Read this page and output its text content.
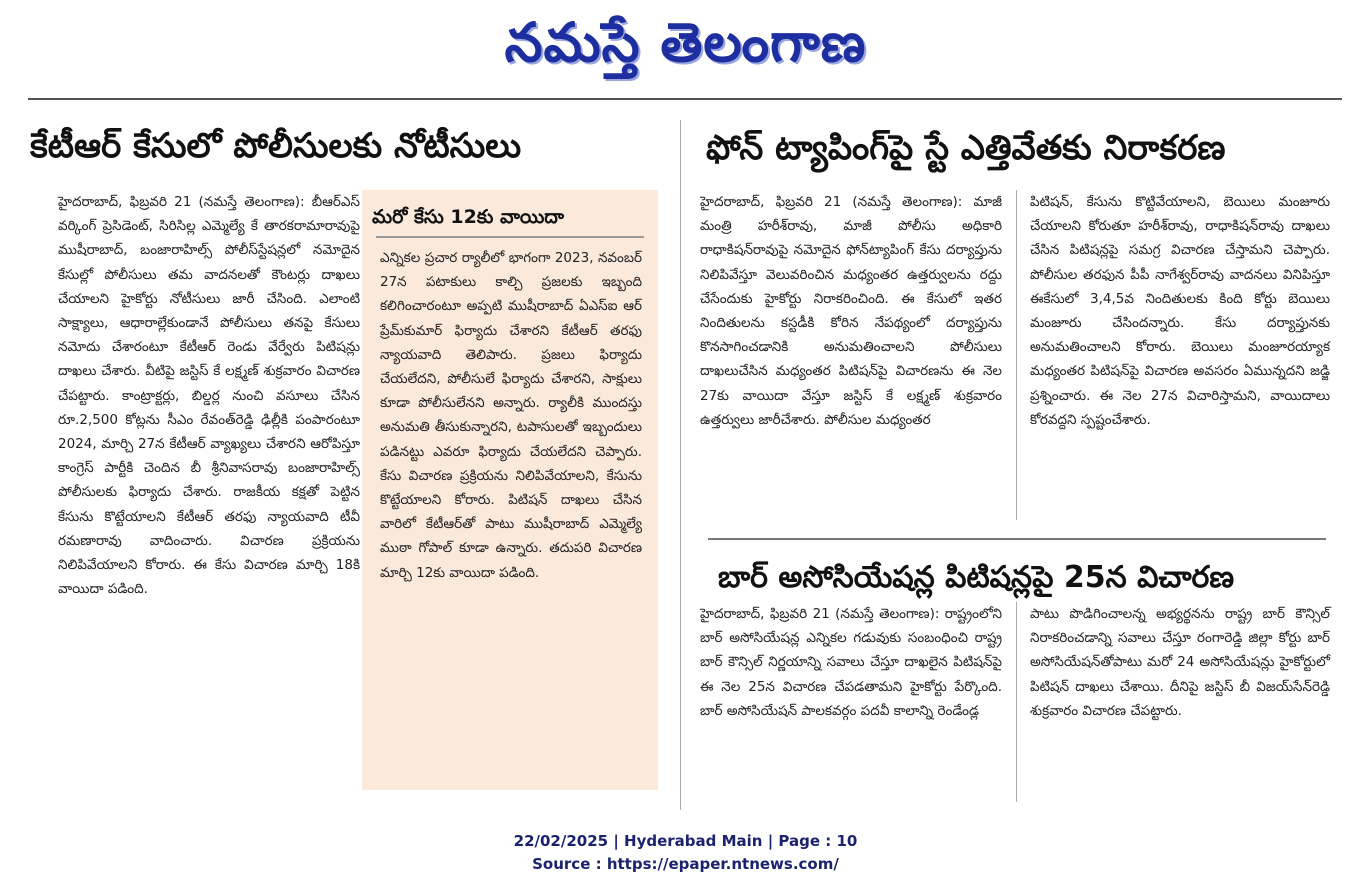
నమస్తే తెలంగాణ
కేటీఆర్‌ కేసులో పోలీసులకు నోటీసులు

హైదరాబాద్‌, ఫిబ్రవరి 21 (నమస్తే తెలంగాణ): బీఆర్‌ఎస్‌ వర్కింగ్‌ ప్రెసిడెంట్‌, సిరిసిల్ల ఎమ్మెల్యే కే తారకరామారావుపై ముషీరాబాద్‌, బంజారాహిల్స్‌ పోలీస్‌స్టేషన్లలో నమోదైన కేసుల్లో పోలీసులు తమ వాదనలతో కౌంటర్లు దాఖలు చేయాలని హైకోర్టు నోటీసులు జారీ చేసింది. ఎలాంటి సాక్ష్యాలు, ఆధారాల్లేకుండానే పోలీసులు తనపై కేసులు నమోదు చేశారంటూ కేటీఆర్‌ రెండు వేర్వేరు పిటిషన్లు దాఖలు చేశారు. వీటిపై జస్టిస్‌ కే లక్ష్మణ్‌ శుక్రవారం విచారణ చేపట్టారు. కాంట్రాక్టర్లు, బిల్డర్ల నుంచి వసూలు చేసిన రూ.2,500 కోట్లను సీఎం రేవంత్‌రెడ్డి ఢిల్లీకి పంపారంటూ 2024, మార్చి 27న కేటీఆర్‌ వ్యాఖ్యలు చేశారని ఆరోపిస్తూ కాంగ్రెస్‌ పార్టీకి చెందిన బీ శ్రీనివాసరావు బంజారాహిల్స్‌ పోలీసులకు ఫిర్యాదు చేశారు. రాజకీయ కక్షతో పెట్టిన కేసును కొట్టేయాలని కేటీఆర్‌ తరఫు న్యాయవాది టీవీ రమణారావు వాదించారు. విచారణ ప్రక్రియను నిలిపివేయాలని కోరారు. ఈ కేసు విచారణ మార్చి 18కి వాయిదా పడింది.

మరో కేసు 12కు వాయిదా

ఎన్నికల ప్రచార ర్యాలీలో భాగంగా 2023, నవంబర్‌ 27న పటాకులు కాల్చి ప్రజలకు ఇబ్బంది కలిగించారంటూ అప్పటి ముషీరాబాద్‌ ఏఎస్‌ఐ ఆర్‌ ప్రేమ్‌కుమార్‌ ఫిర్యాదు చేశారని కేటీఆర్‌ తరఫు న్యాయవాది తెలిపారు. ప్రజలు ఫిర్యాదు చేయలేదని, పోలీసులే ఫిర్యాదు చేశారని, సాక్షులు కూడా పోలీసులేనని అన్నారు. ర్యాలీకి ముందస్తు అనుమతి తీసుకున్నారని, టపాసులతో ఇబ్బందులు పడినట్టు ఎవరూ ఫిర్యాదు చేయలేదని చెప్పారు. కేసు విచారణ ప్రక్రియను నిలిపివేయాలని, కేసును కొట్టేయాలని కోరారు. పిటిషన్‌ దాఖలు చేసిన వారిలో కేటీఆర్‌తో పాటు ముషీరాబాద్‌ ఎమ్మెల్యే ముఠా గోపాల్‌ కూడా ఉన్నారు. తదుపరి విచారణ మార్చి 12కు వాయిదా పడింది.

ఫోన్‌ ట్యాపింగ్‌పై స్టే ఎత్తివేతకు నిరాకరణ

హైదరాబాద్‌, ఫిబ్రవరి 21 (నమస్తే తెలంగాణ): మాజీ మంత్రి హరీశ్‌రావు, మాజీ పోలీసు అధికారి రాధాకిషన్‌రావుపై నమోదైన ఫోన్‌ట్యాపింగ్‌ కేసు దర్యాప్తును నిలిపివేస్తూ వెలువరించిన మధ్యంతర ఉత్తర్వులను రద్దు చేసేందుకు హైకోర్టు నిరాకరించింది. ఈ కేసులో ఇతర నిందితులను కస్టడీకి కోరిన నేపథ్యంలో దర్యాప్తును కొనసాగించడానికి అనుమతించాలని పోలీసులు దాఖలుచేసిన మధ్యంతర పిటిషన్‌పై విచారణను ఈ నెల 27కు వాయిదా వేస్తూ జస్టిస్‌ కే లక్ష్మణ్‌ శుక్రవారం ఉత్తర్వులు జారీచేశారు. పోలీసుల మధ్యంతర

పిటిషన్‌, కేసును కొట్టివేయాలని, బెయిలు మంజూరు చేయాలని కోరుతూ హరీశ్‌రావు, రాధాకిషన్‌రావు దాఖలు చేసిన పిటిషన్లపై సమగ్ర విచారణ చేస్తామని చెప్పారు. పోలీసుల తరఫున పీపీ నాగేశ్వర్‌రావు వాదనలు వినిపిస్తూ ఈకేసులో 3,4,5వ నిందితులకు కింది కోర్టు బెయిలు మంజూరు చేసిందన్నారు. కేసు దర్యాప్తునకు అనుమతించాలని కోరారు. బెయిలు మంజూరయ్యాక మధ్యంతర పిటిషన్‌పై విచారణ అవసరం ఏమున్నదని జడ్జి ప్రశ్నించారు. ఈ నెల 27న విచారిస్తామని, వాయిదాలు కోరవద్దని స్పష్టంచేశారు.

బార్‌ అసోసియేషన్ల పిటిషన్లపై 25న విచారణ

హైదరాబాద్‌, ఫిబ్రవరి 21 (నమస్తే తెలంగాణ): రాష్ట్రంలోని బార్‌ అసోసియేషన్ల ఎన్నికల గడువుకు సంబంధించి రాష్ట్ర బార్‌ కౌన్సిల్‌ నిర్ణయాన్ని సవాలు చేస్తూ దాఖలైన పిటిషన్‌పై ఈ నెల 25న విచారణ చేపడతామని హైకోర్టు పేర్కొంది. బార్‌ అసోసియేషన్‌ పాలకవర్గం పదవీ కాలాన్ని రెండేండ్ల

పాటు పొడిగించాలన్న అభ్యర్థనను రాష్ట్ర బార్‌ కౌన్సిల్‌ నిరాకరించడాన్ని సవాలు చేస్తూ రంగారెడ్డి జిల్లా కోర్టు బార్‌ అసోసియేషన్‌తోపాటు మరో 24 అసోసియేషన్లు హైకోర్టులో పిటిషన్‌ దాఖలు చేశాయి. దీనిపై జస్టిస్‌ బీ విజయ్‌సేన్‌రెడ్డి శుక్రవారం విచారణ చేపట్టారు.

22/02/2025 | Hyderabad Main | Page : 10
Source : https://epaper.ntnews.com/
